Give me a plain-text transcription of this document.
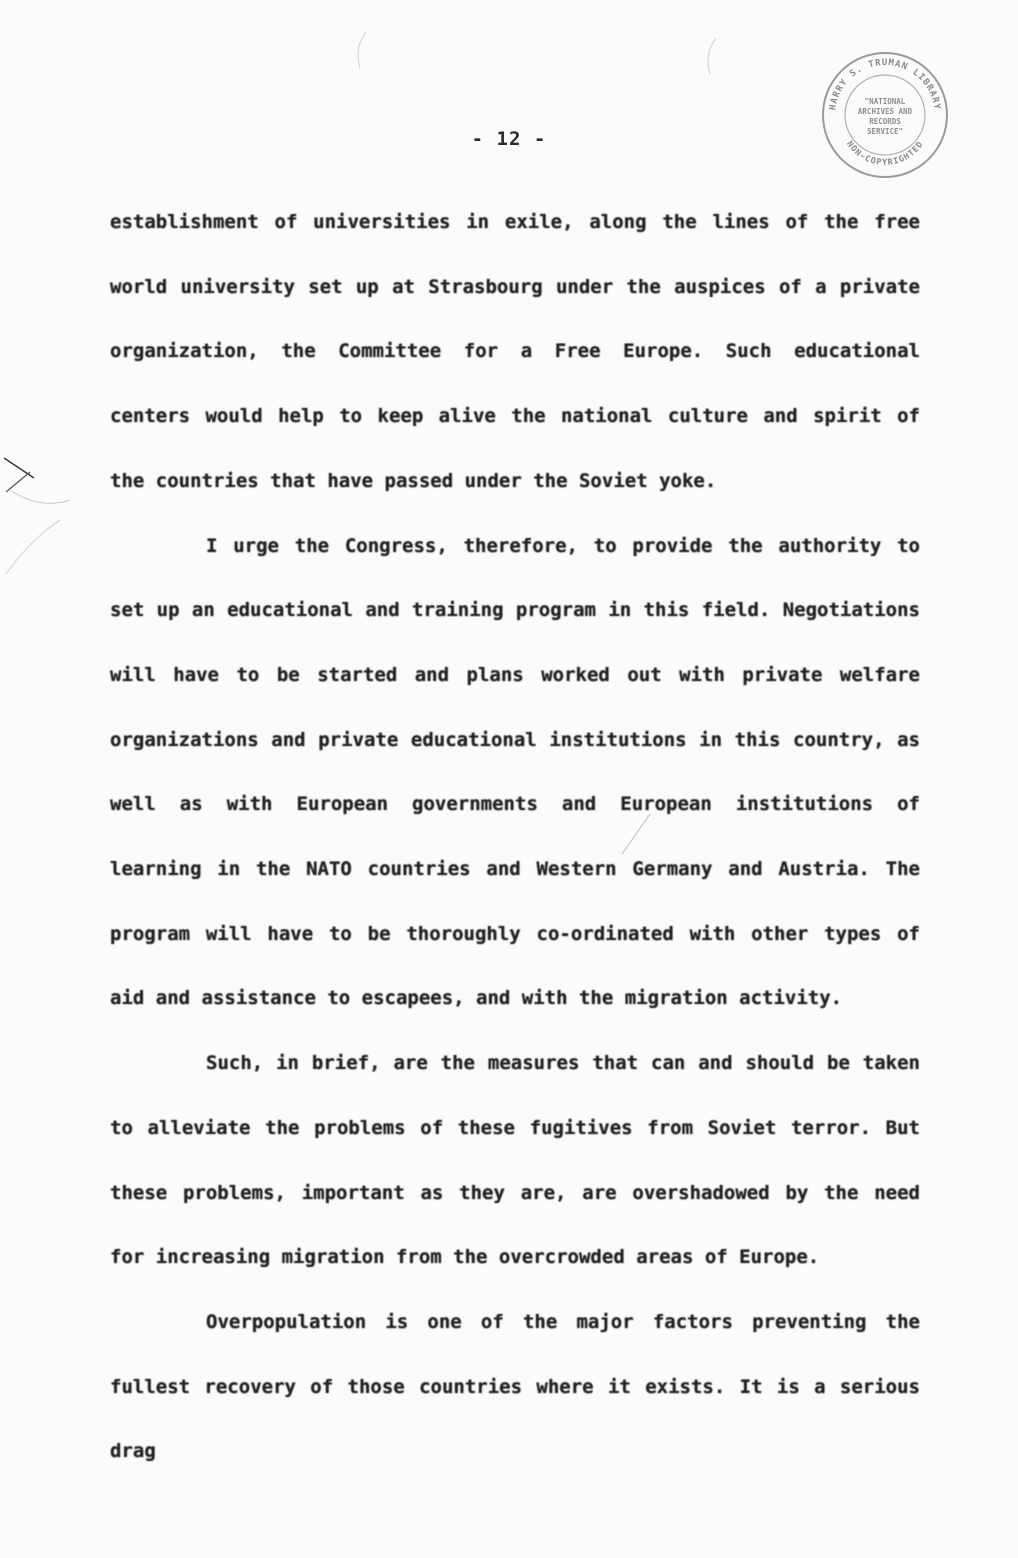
HARRY S. TRUMAN LIBRARY
NON-COPYRIGHTED
"NATIONAL
ARCHIVES AND
RECORDS
SERVICE"
- 12 -

establishment of universities in exile, along the lines of the free world university set up at Strasbourg under the auspices of a private organization, the Committee for a Free Europe. Such educational centers would help to keep alive the national culture and spirit of the countries that have passed under the Soviet yoke.

I urge the Congress, therefore, to provide the authority to set up an educational and training program in this field. Negotiations will have to be started and plans worked out with private welfare organizations and private educational institutions in this country, as well as with European governments and European institutions of learning in the NATO countries and Western Germany and Austria. The program will have to be thoroughly co-ordinated with other types of aid and assistance to escapees, and with the migration activity.

Such, in brief, are the measures that can and should be taken to alleviate the problems of these fugitives from Soviet terror. But these problems, important as they are, are overshadowed by the need for increasing migration from the overcrowded areas of Europe.

Overpopulation is one of the major factors preventing the fullest recovery of those countries where it exists. It is a serious drag
